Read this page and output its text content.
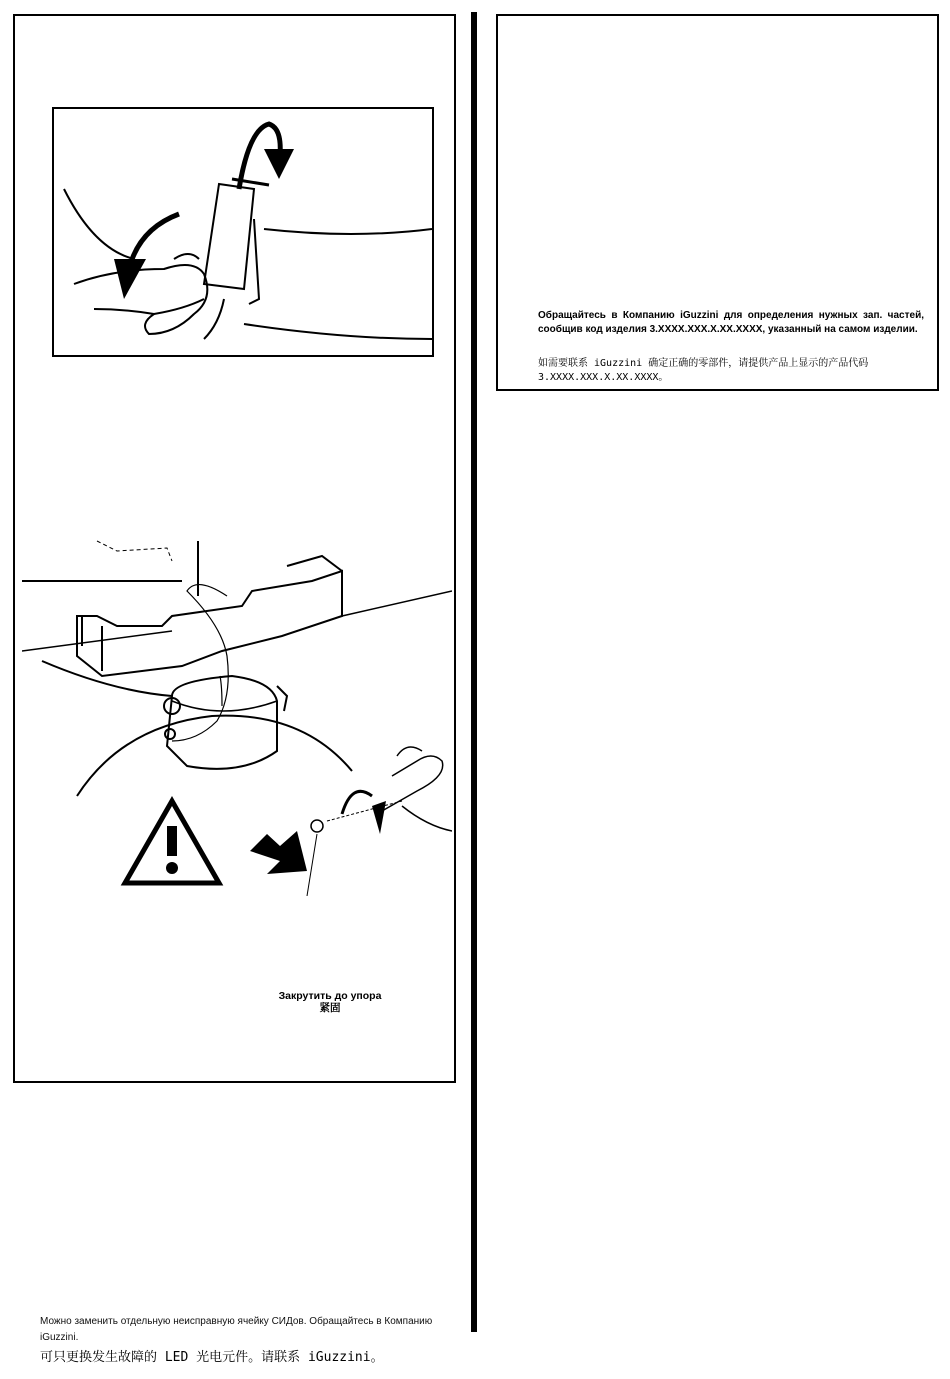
Закрутить до упора
紧固
Обращайтесь в Компанию iGuzzini для определения нужных зап. частей, сообщив код изделия 3.XXXX.XXX.X.XX.XXXX, указанный на самом изделии.
如需要联系 iGuzzini 确定正确的零部件，请提供产品上显示的产品代码 3.XXXX.XXX.X.XX.XXXX。
Можно заменить отдельную неисправную ячейку СИДов. Обращайтесь в Компанию iGuzzini.
可只更换发生故障的 LED 光电元件。请联系 iGuzzini。
